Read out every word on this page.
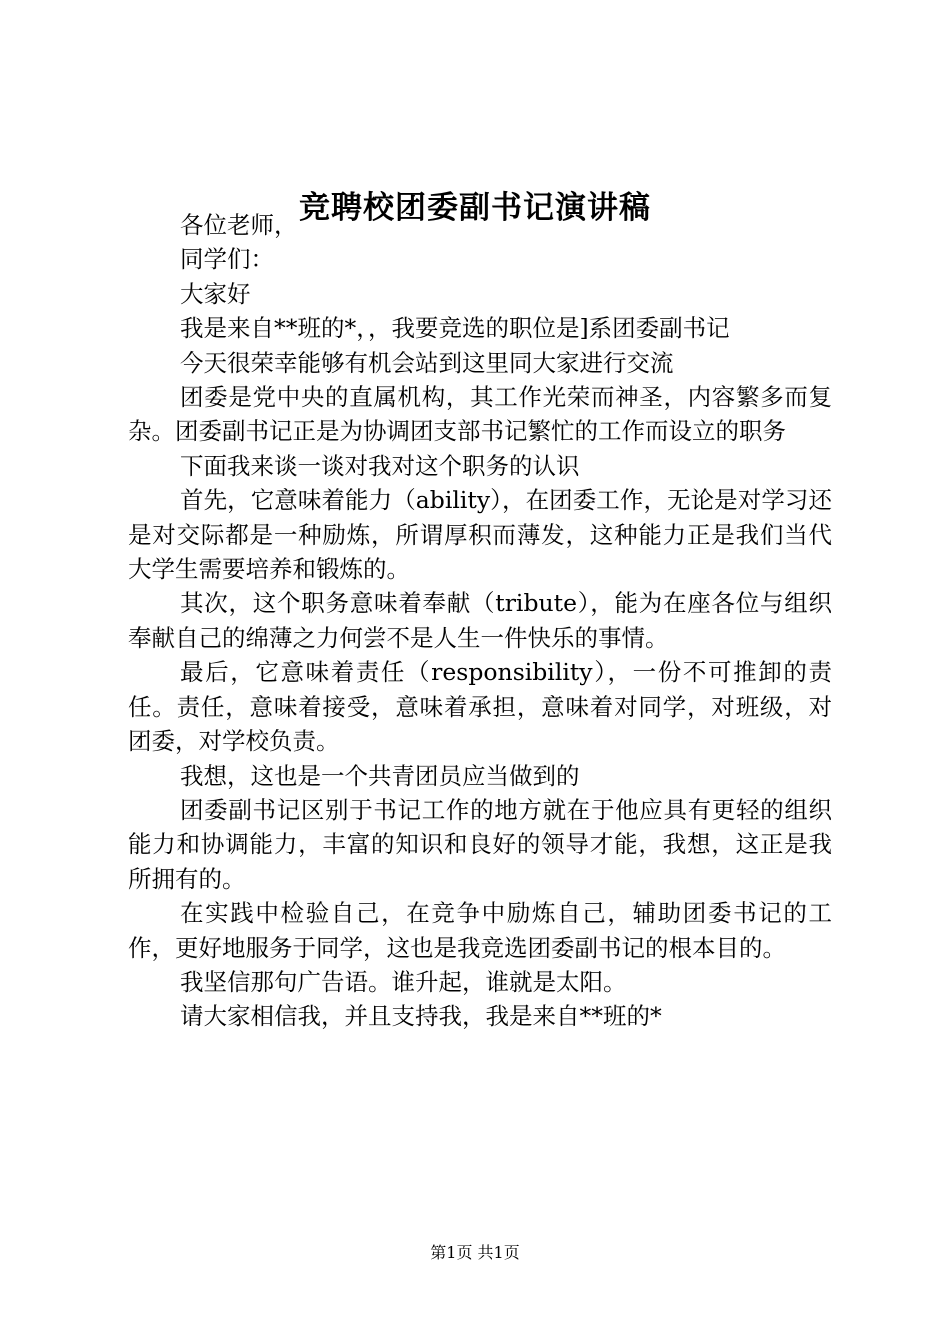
竞聘校团委副书记演讲稿

各位老师，

同学们：

大家好

我是来自**班的*，，我要竞选的职位是]系团委副书记

今天很荣幸能够有机会站到这里同大家进行交流

团委是党中央的直属机构，其工作光荣而神圣，内容繁多而复杂。团委副书记正是为协调团支部书记繁忙的工作而设立的职务

下面我来谈一谈对我对这个职务的认识

首先，它意味着能力（ability），在团委工作，无论是对学习还是对交际都是一种励炼，所谓厚积而薄发，这种能力正是我们当代大学生需要培养和锻炼的。

其次，这个职务意味着奉献（tribute），能为在座各位与组织奉献自己的绵薄之力何尝不是人生一件快乐的事情。

最后，它意味着责任（responsibility），一份不可推卸的责任。责任，意味着接受，意味着承担，意味着对同学，对班级，对团委，对学校负责。

我想，这也是一个共青团员应当做到的

团委副书记区别于书记工作的地方就在于他应具有更轻的组织能力和协调能力，丰富的知识和良好的领导才能，我想，这正是我所拥有的。

在实践中检验自己，在竞争中励炼自己，辅助团委书记的工作，更好地服务于同学，这也是我竞选团委副书记的根本目的。

我坚信那句广告语。谁升起，谁就是太阳。

请大家相信我，并且支持我，我是来自**班的*

第1页 共1页
